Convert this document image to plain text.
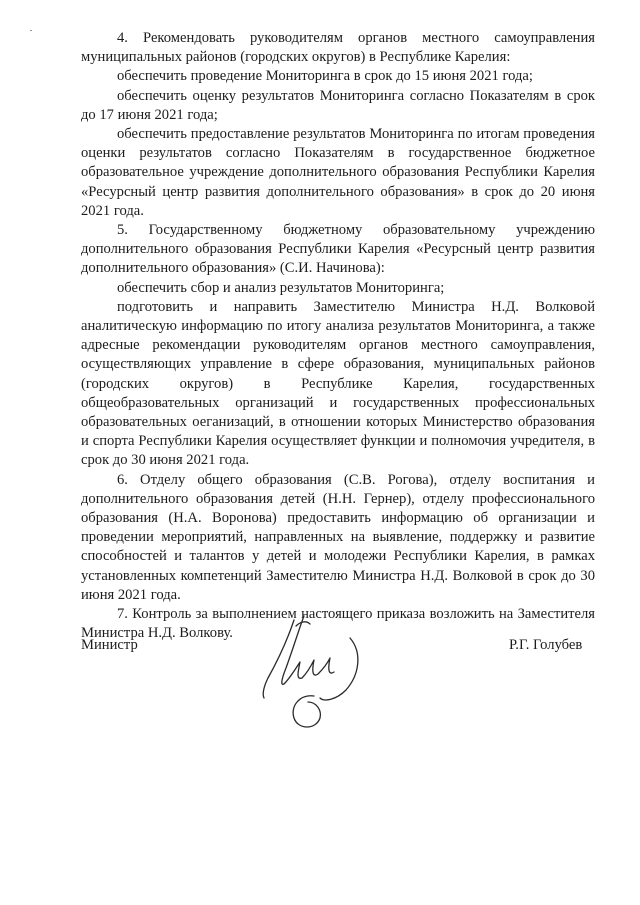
4. Рекомендовать руководителям органов местного самоуправления муниципальных районов (городских округов) в Республике Карелия:

обеспечить проведение Мониторинга в срок до 15 июня 2021 года;

обеспечить оценку результатов Мониторинга согласно Показателям в срок до 17 июня 2021 года;

обеспечить предоставление результатов Мониторинга по итогам проведения оценки результатов согласно Показателям в государственное бюджетное образовательное учреждение дополнительного образования Республики Карелия «Ресурсный центр развития дополнительного образования» в срок до 20 июня 2021 года.

5. Государственному бюджетному образовательному учреждению дополнительного образования Республики Карелия «Ресурсный центр развития дополнительного образования» (С.И. Начинова):

обеспечить сбор и анализ результатов Мониторинга;

подготовить и направить Заместителю Министра Н.Д. Волковой аналитическую информацию по итогу анализа результатов Мониторинга, а также адресные рекомендации руководителям органов местного самоуправления, осуществляющих управление в сфере образования, муниципальных районов (городских округов) в Республике Карелия, государственных общеобразовательных организаций и государственных профессиональных образовательных оеганизаций, в отношении которых Министерство образования и спорта Республики Карелия осуществляет функции и полномочия учредителя, в срок до 30 июня 2021 года.

6. Отделу общего образования (С.В. Рогова), отделу воспитания и дополнительного образования детей (Н.Н. Гернер), отделу профессионального образования (Н.А. Воронова) предоставить информацию об организации и проведении мероприятий, направленных на выявление, поддержку и развитие способностей и талантов у детей и молодежи Республики Карелия, в рамках установленных компетенций Заместителю Министра Н.Д. Волковой в срок до 30 июня 2021 года.

7. Контроль за выполнением настоящего приказа возложить на Заместителя Министра Н.Д. Волкову.

Министр	Р.Г. Голубев
